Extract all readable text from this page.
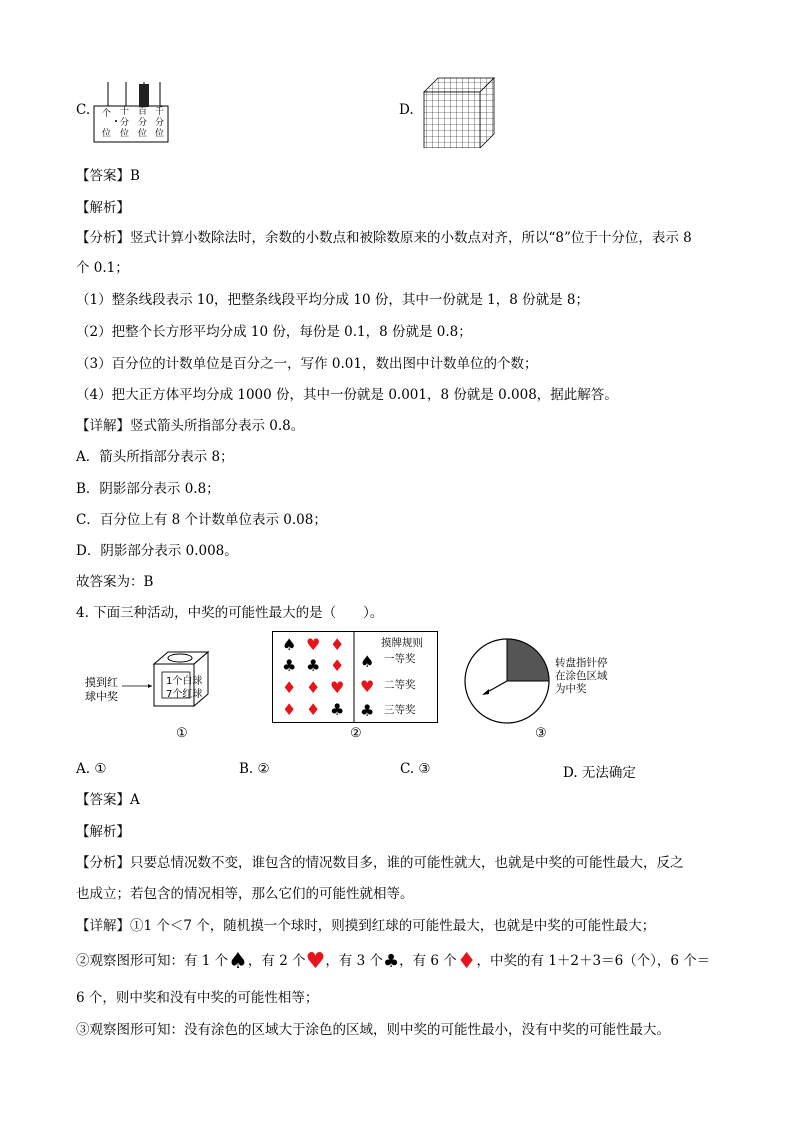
C. 个
位
十
分
位
百
分
位
千
分
位
D.
【答案】B
【解析】
【分析】竖式计算小数除法时，余数的小数点和被除数原来的小数点对齐，所以“8”位于十分位，表示 8
个 0.1；
（1）整条线段表示 10，把整条线段平均分成 10 份，其中一份就是 1，8 份就是 8；
（2）把整个长方形平均分成 10 份，每份是 0.1，8 份就是 0.8；
（3）百分位的计数单位是百分之一，写作 0.01，数出图中计数单位的个数；
（4）把大正方体平均分成 1000 份，其中一份就是 0.001，8 份就是 0.008，据此解答。
【详解】竖式箭头所指部分表示 0.8。
A．箭头所指部分表示 8；
B．阴影部分表示 0.8；
C．百分位上有 8 个计数单位表示 0.08；
D．阴影部分表示 0.008。
故答案为：B
4. 下面三种活动，中奖的可能性最大的是（　　）。
摸到红
球中奖
1个白球
7个红球
①
♠ ♥ ♦
♣ ♣ ♦
♦ ♦ ♥
♦ ♦ ♣
♠
♥
♣
摸牌规则
一等奖
二等奖
三等奖
②
转盘指针停
在涂色区域
为中奖
③
A. ①	B. ②	C. ③	D. 无法确定
【答案】A
【解析】
【分析】只要总情况数不变，谁包含的情况数目多，谁的可能性就大，也就是中奖的可能性最大，反之
也成立；若包含的情况相等，那么它们的可能性就相等。
【详解】①1 个＜7 个，随机摸一个球时，则摸到红球的可能性最大，也就是中奖的可能性最大；
②观察图形可知：有 1 个♠，有 2 个♥，有 3 个♣，有 6 个♦，中奖的有 1＋2＋3＝6（个），6 个＝
6 个，则中奖和没有中奖的可能性相等；
③观察图形可知：没有涂色的区域大于涂色的区域，则中奖的可能性最小，没有中奖的可能性最大。
